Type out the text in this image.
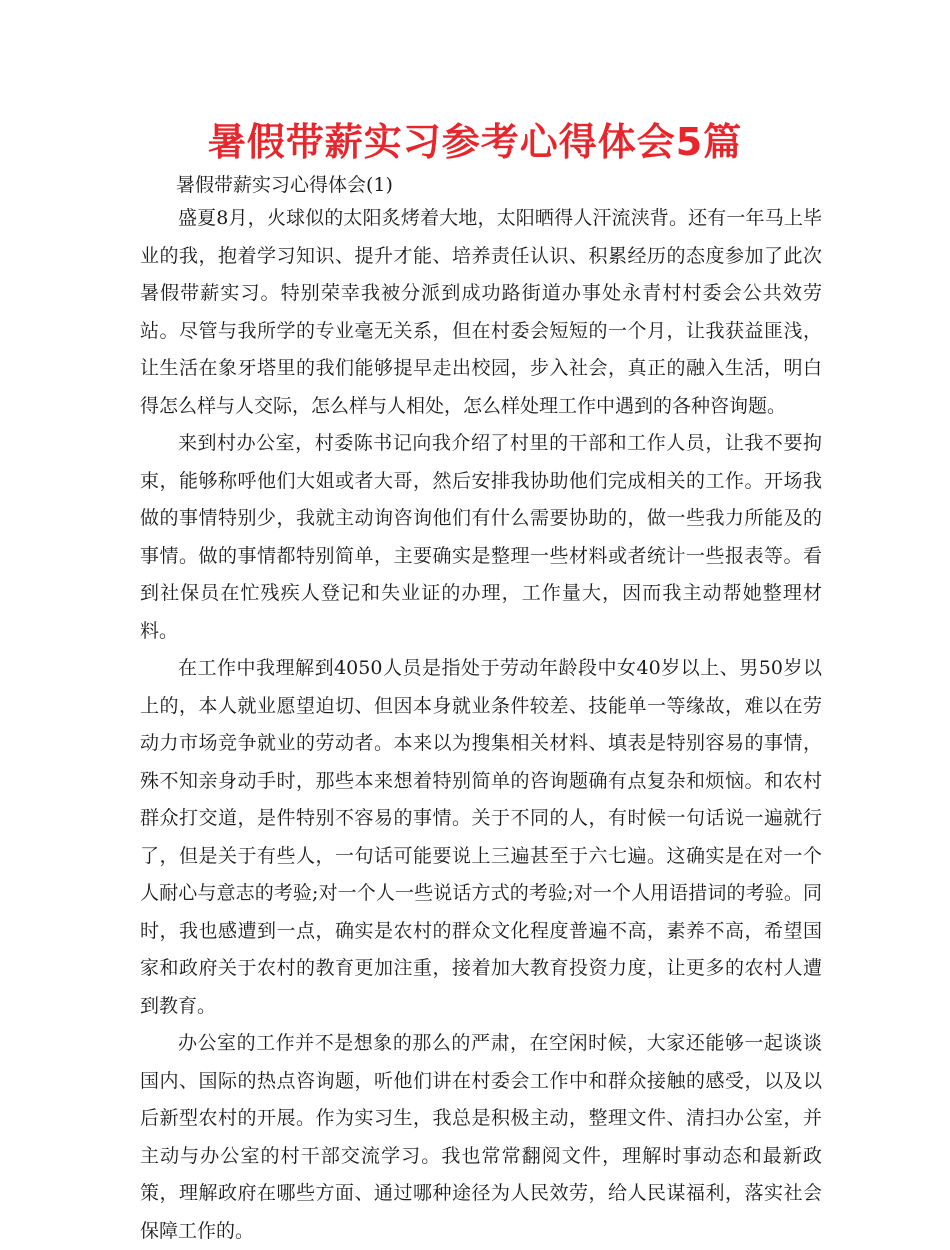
暑假带薪实习参考心得体会5篇
暑假带薪实习心得体会(1)

盛夏8月，火球似的太阳炙烤着大地，太阳晒得人汗流浃背。还有一年马上毕业的我，抱着学习知识、提升才能、培养责任认识、积累经历的态度参加了此次暑假带薪实习。特别荣幸我被分派到成功路街道办事处永青村村委会公共效劳站。尽管与我所学的专业毫无关系，但在村委会短短的一个月，让我获益匪浅，让生活在象牙塔里的我们能够提早走出校园，步入社会，真正的融入生活，明白得怎么样与人交际，怎么样与人相处，怎么样处理工作中遇到的各种咨询题。

来到村办公室，村委陈书记向我介绍了村里的干部和工作人员，让我不要拘束，能够称呼他们大姐或者大哥，然后安排我协助他们完成相关的工作。开场我做的事情特别少，我就主动询咨询他们有什么需要协助的，做一些我力所能及的事情。做的事情都特别简单，主要确实是整理一些材料或者统计一些报表等。看到社保员在忙残疾人登记和失业证的办理，工作量大，因而我主动帮她整理材料。

在工作中我理解到4050人员是指处于劳动年龄段中女40岁以上、男50岁以上的，本人就业愿望迫切、但因本身就业条件较差、技能单一等缘故，难以在劳动力市场竞争就业的劳动者。本来以为搜集相关材料、填表是特别容易的事情，殊不知亲身动手时，那些本来想着特别简单的咨询题确有点复杂和烦恼。和农村群众打交道，是件特别不容易的事情。关于不同的人，有时候一句话说一遍就行了，但是关于有些人，一句话可能要说上三遍甚至于六七遍。这确实是在对一个人耐心与意志的考验;对一个人一些说话方式的考验;对一个人用语措词的考验。同时，我也感遭到一点，确实是农村的群众文化程度普遍不高，素养不高，希望国家和政府关于农村的教育更加注重，接着加大教育投资力度，让更多的农村人遭到教育。

办公室的工作并不是想象的那么的严肃，在空闲时候，大家还能够一起谈谈国内、国际的热点咨询题，听他们讲在村委会工作中和群众接触的感受，以及以后新型农村的开展。作为实习生，我总是积极主动，整理文件、清扫办公室，并主动与办公室的村干部交流学习。我也常常翻阅文件，理解时事动态和最新政策，理解政府在哪些方面、通过哪种途径为人民效劳，给人民谋福利，落实社会保障工作的。
